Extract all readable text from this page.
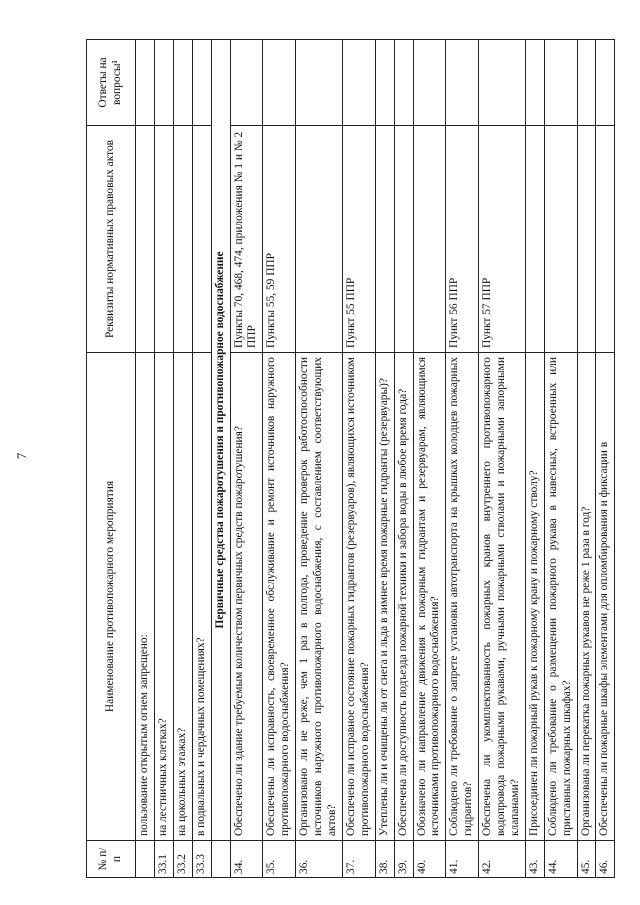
7
№ п/п	Наименование противопожарного мероприятия	Реквизиты нормативных правовых актов	Ответы на вопросы¹
	пользование открытым огнем запрещено:		
33.1	на лестничных клетках?		
33.2	на цокольных этажах?		
33.3	в подвальных и чердачных помещениях?		
	Первичные средства пожаротушения и противопожарное водоснабжение		
34.	Обеспечено ли здание требуемым количеством первичных средств пожаротушения?	Пункты 70, 468, 474, приложения № 1 и № 2 ППР	
35.	Обеспечены ли исправность, своевременное обслуживание и ремонт источников наружного противопожарного водоснабжения?	Пункты 55, 59 ППР	
36.	Организовано ли не реже, чем 1 раз в полгода, проведение проверок работоспособности источников наружного противопожарного водоснабжения, с составлением соответствующих актов?		
37.	Обеспечено ли исправное состояние пожарных гидрантов (резервуаров), являющихся источником противопожарного водоснабжения?	Пункт 55 ППР	
38.	Утеплены ли и очищены ли от снега и льда в зимнее время пожарные гидранты (резервуары)?		
39.	Обеспечена ли доступность подъезда пожарной техники и забора воды в любое время года?		
40.	Обозначено ли направление движения к пожарным гидрантам и резервуарам, являющимся источниками противопожарного водоснабжения?		
41.	Соблюдено ли требование о запрете установки автотранспорта на крышках колодцев пожарных гидрантов?	Пункт 56 ППР	
42.	Обеспечена ли укомплектованность пожарных кранов внутреннего противопожарного водопровода пожарными рукавами, ручными пожарными стволами и пожарными запорными клапанами?	Пункт 57 ППР	
43.	Присоединен ли пожарный рукав к пожарному крану и пожарному стволу?		
44.	Соблюдено ли требование о размещении пожарного рукава в навесных, встроенных или приставных пожарных шкафах?		
45.	Организована ли перекатка пожарных рукавов не реже 1 раза в год?		
46.	Обеспечены ли пожарные шкафы элементами для опломбирования и фиксации в		
